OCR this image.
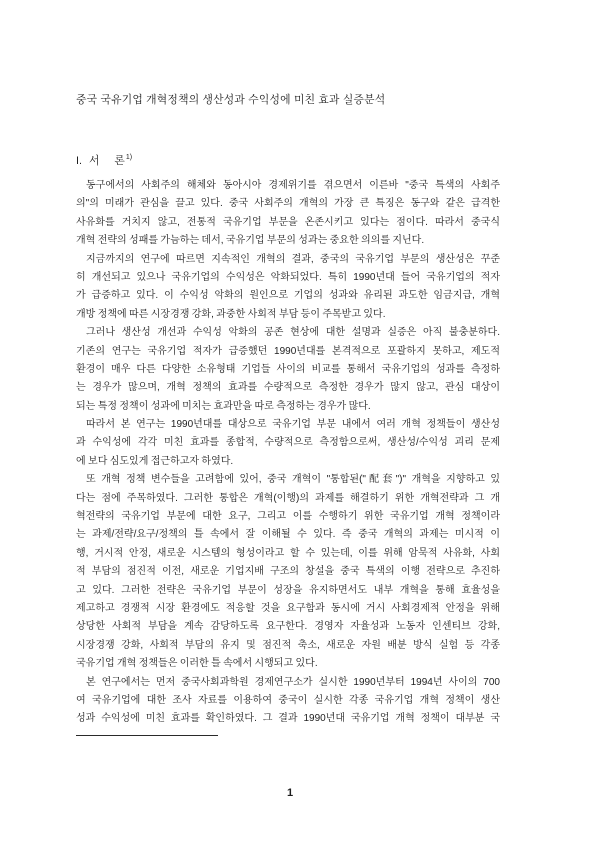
중국 국유기업 개혁정책의 생산성과 수익성에 미친 효과 실증분석
I. 서 론$^{1)}$
동구에서의 사회주의 해체와 동아시아 경제위기를 겪으면서 이른바 "중국 특색의 사회주
의"의 미래가 관심을 끌고 있다. 중국 사회주의 개혁의 가장 큰 특징은 동구와 같은 급격한
사유화를 거치지 않고, 전통적 국유기업 부문을 온존시키고 있다는 점이다. 따라서 중국식
개혁 전략의 성패를 가늠하는 데서, 국유기업 부문의 성과는 중요한 의의를 지닌다.
지금까지의 연구에 따르면 지속적인 개혁의 결과, 중국의 국유기업 부문의 생산성은 꾸준
히 개선되고 있으나 국유기업의 수익성은 악화되었다. 특히 1990년대 들어 국유기업의 적자
가 급증하고 있다. 이 수익성 악화의 원인으로 기업의 성과와 유리된 과도한 임금지급, 개혁
개방 정책에 따른 시장경쟁 강화, 과중한 사회적 부담 등이 주목받고 있다.
그러나 생산성 개선과 수익성 악화의 공존 현상에 대한 설명과 실증은 아직 불충분하다.
기존의 연구는 국유기업 적자가 급증했던 1990년대를 본격적으로 포괄하지 못하고, 제도적
환경이 매우 다른 다양한 소유형태 기업들 사이의 비교를 통해서 국유기업의 성과를 측정하
는 경우가 많으며, 개혁 정책의 효과를 수량적으로 측정한 경우가 많지 않고, 관심 대상이
되는 특정 정책이 성과에 미치는 효과만을 따로 측정하는 경우가 많다.
따라서 본 연구는 1990년대를 대상으로 국유기업 부문 내에서 여러 개혁 정책들이 생산성
과 수익성에 각각 미친 효과를 종합적, 수량적으로 측정함으로써, 생산성/수익성 괴리 문제
에 보다 심도있게 접근하고자 하였다.
또 개혁 정책 변수들을 고려함에 있어, 중국 개혁이 "통합된("配套")" 개혁을 지향하고 있
다는 점에 주목하였다. 그러한 통합은 개혁(이행)의 과제를 해결하기 위한 개혁전략과 그 개
혁전략의 국유기업 부문에 대한 요구, 그리고 이를 수행하기 위한 국유기업 개혁 정책이라
는 과제/전략/요구/정책의 틀 속에서 잘 이해될 수 있다. 즉 중국 개혁의 과제는 미시적 이
행, 거시적 안정, 새로운 시스템의 형성이라고 할 수 있는데, 이를 위해 암묵적 사유화, 사회
적 부담의 점진적 이전, 새로운 기업지배 구조의 창설을 중국 특색의 이행 전략으로 추진하
고 있다. 그러한 전략은 국유기업 부문이 성장을 유지하면서도 내부 개혁을 통해 효율성을
제고하고 경쟁적 시장 환경에도 적응할 것을 요구함과 동시에 거시 사회경제적 안정을 위해
상당한 사회적 부담을 계속 감당하도록 요구한다. 경영자 자율성과 노동자 인센티브 강화,
시장경쟁 강화, 사회적 부담의 유지 및 점진적 축소, 새로운 자원 배분 방식 실험 등 각종
국유기업 개혁 정책들은 이러한 틀 속에서 시행되고 있다.
본 연구에서는 먼저 중국사회과학원 경제연구소가 실시한 1990년부터 1994년 사이의 700
여 국유기업에 대한 조사 자료를 이용하여 중국이 실시한 각종 국유기업 개혁 정책이 생산
성과 수익성에 미친 효과를 확인하였다. 그 결과 1990년대 국유기업 개혁 정책이 대부분 국
1
